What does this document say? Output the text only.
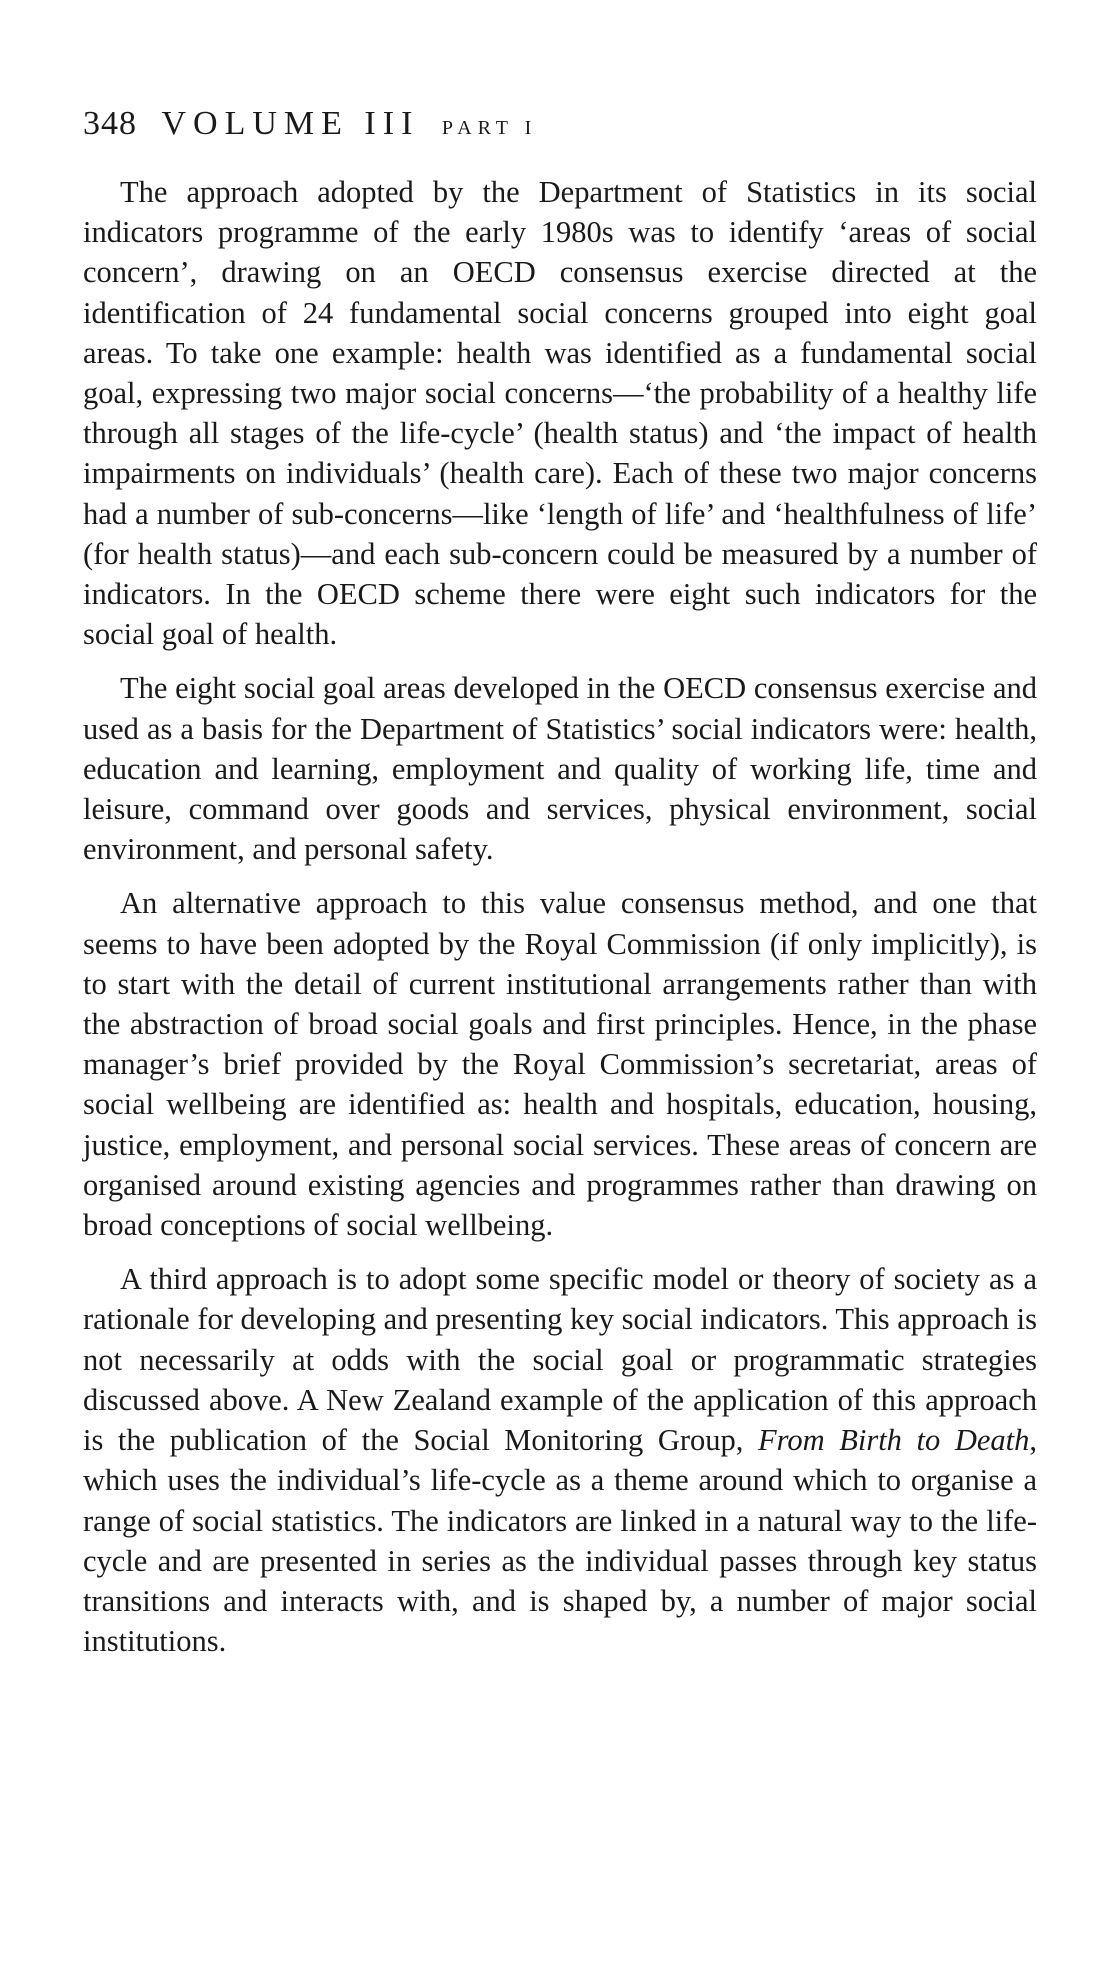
348 VOLUME III PART I

The approach adopted by the Department of Statistics in its social indicators programme of the early 1980s was to identify ‘areas of social concern’, drawing on an OECD consensus exercise directed at the identification of 24 fundamental social concerns grouped into eight goal areas. To take one example: health was identified as a fundamental social goal, expressing two major social concerns—‘the probability of a healthy life through all stages of the life-cycle’ (health status) and ‘the impact of health impairments on individuals’ (health care). Each of these two major concerns had a number of sub-concerns—like ‘length of life’ and ‘healthfulness of life’ (for health status)—and each sub-concern could be measured by a number of indicators. In the OECD scheme there were eight such indicators for the social goal of health.

The eight social goal areas developed in the OECD consensus exercise and used as a basis for the Department of Statistics’ social indicators were: health, education and learning, employment and quality of working life, time and leisure, command over goods and services, physical environment, social environment, and personal safety.

An alternative approach to this value consensus method, and one that seems to have been adopted by the Royal Commission (if only implicitly), is to start with the detail of current institutional arrangements rather than with the abstraction of broad social goals and first principles. Hence, in the phase manager’s brief provided by the Royal Commission’s secretariat, areas of social wellbeing are identified as: health and hospitals, education, housing, justice, employment, and personal social services. These areas of concern are organised around existing agencies and programmes rather than drawing on broad conceptions of social wellbeing.

A third approach is to adopt some specific model or theory of society as a rationale for developing and presenting key social indicators. This approach is not necessarily at odds with the social goal or programmatic strategies discussed above. A New Zealand example of the application of this approach is the publication of the Social Monitoring Group, From Birth to Death, which uses the individual’s life-cycle as a theme around which to organise a range of social statistics. The indicators are linked in a natural way to the life-cycle and are presented in series as the individual passes through key status transitions and interacts with, and is shaped by, a number of major social institutions.
